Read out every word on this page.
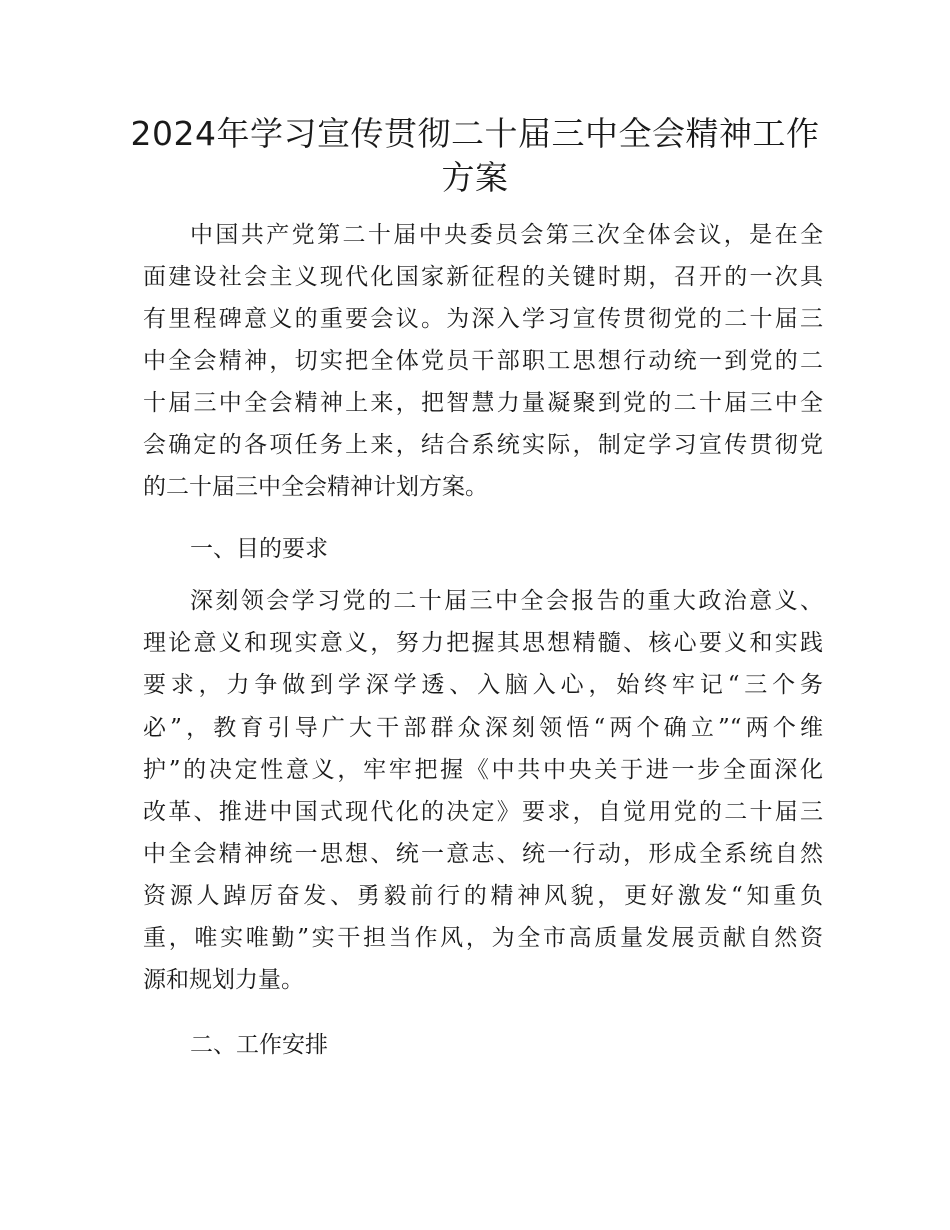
2024年学习宣传贯彻二十届三中全会精神工作
方案
中国共产党第二十届中央委员会第三次全体会议，是在全
面建设社会主义现代化国家新征程的关键时期，召开的一次具
有里程碑意义的重要会议。为深入学习宣传贯彻党的二十届三
中全会精神，切实把全体党员干部职工思想行动统一到党的二
十届三中全会精神上来，把智慧力量凝聚到党的二十届三中全
会确定的各项任务上来，结合系统实际，制定学习宣传贯彻党
的二十届三中全会精神计划方案。
一、目的要求
深刻领会学习党的二十届三中全会报告的重大政治意义、
理论意义和现实意义，努力把握其思想精髓、核心要义和实践
要求，力争做到学深学透、入脑入心，始终牢记“三个务
必”，教育引导广大干部群众深刻领悟“两个确立”“两个维
护”的决定性意义，牢牢把握《中共中央关于进一步全面深化
改革、推进中国式现代化的决定》要求，自觉用党的二十届三
中全会精神统一思想、统一意志、统一行动，形成全系统自然
资源人踔厉奋发、勇毅前行的精神风貌，更好激发“知重负
重，唯实唯勤”实干担当作风，为全市高质量发展贡献自然资
源和规划力量。
二、工作安排
